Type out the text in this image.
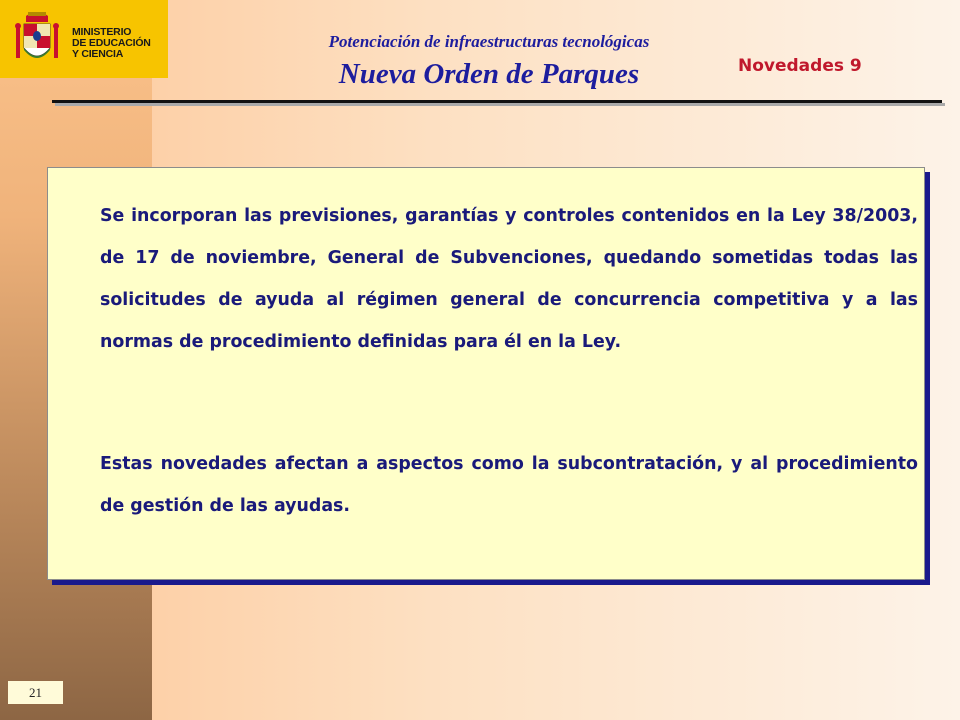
MINISTERIO
DE EDUCACIÓN
Y CIENCIA
Potenciación de infraestructuras tecnológicas
Nueva Orden de Parques	Novedades 9

Se incorporan las previsiones, garantías y controles contenidos en la Ley 38/2003, de 17 de noviembre, General de Subvenciones, quedando sometidas todas las solicitudes de ayuda al régimen general de concurrencia competitiva y a las normas de procedimiento definidas para él en la Ley.

Estas novedades afectan a aspectos como la subcontratación, y al procedimiento de gestión de las ayudas.

21
